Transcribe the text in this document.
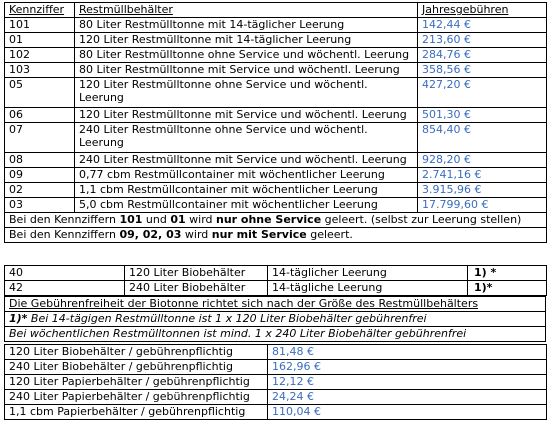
Kennziffer	Restmüllbehälter	Jahresgebühren
101	80 Liter Restmülltonne mit 14-täglicher Leerung	142,44 €
01	120 Liter Restmülltonne mit 14-täglicher Leerung	213,60 €
102	80 Liter Restmülltonne ohne Service und wöchentl. Leerung	284,76 €
103	80 Liter Restmülltonne mit Service und wöchentl. Leerung	358,56 €
05	120 Liter Restmülltonne ohne Service und wöchentl. Leerung	427,20 €
06	120 Liter Restmülltonne mit Service und wöchentl. Leerung	501,30 €
07	240 Liter Restmülltonne ohne Service und wöchentl. Leerung	854,40 €
08	240 Liter Restmülltonne mit Service und wöchentl. Leerung	928,20 €
09	0,77 cbm Restmüllcontainer mit wöchentlicher Leerung	2.741,16 €
02	1,1 cbm Restmüllcontainer mit wöchentlicher Leerung	3.915,96 €
03	5,0 cbm Restmüllcontainer mit wöchentlicher Leerung	17.799,60 €
Bei den Kennziffern 101 und 01 wird nur ohne Service geleert. (selbst zur Leerung stellen)		
Bei den Kennziffern 09, 02, 03 wird nur mit Service geleert.		
40	120 Liter Biobehälter	14-täglicher Leerung	1) *
42	240 Liter Biobehälter	14-tägliche Leerung	1)*
Die Gebührenfreiheit der Biotonne richtet sich nach der Größe des Restmüllbehälters
1)* Bei 14-tägigen Restmülltonne ist 1 x 120 Liter Biobehälter gebührenfrei
Bei wöchentlichen Restmülltonnen ist mind. 1 x 240 Liter Biobehälter gebührenfrei
120 Liter Biobehälter / gebührenpflichtig	81,48 €
240 Liter Biobehälter / gebührenpflichtig	162,96 €
120 Liter Papierbehälter / gebührenpflichtig	12,12 €
240 Liter Papierbehälter / gebührenpflichtig	24,24 €
1,1 cbm Papierbehälter / gebührenpflichtig	110,04 €
